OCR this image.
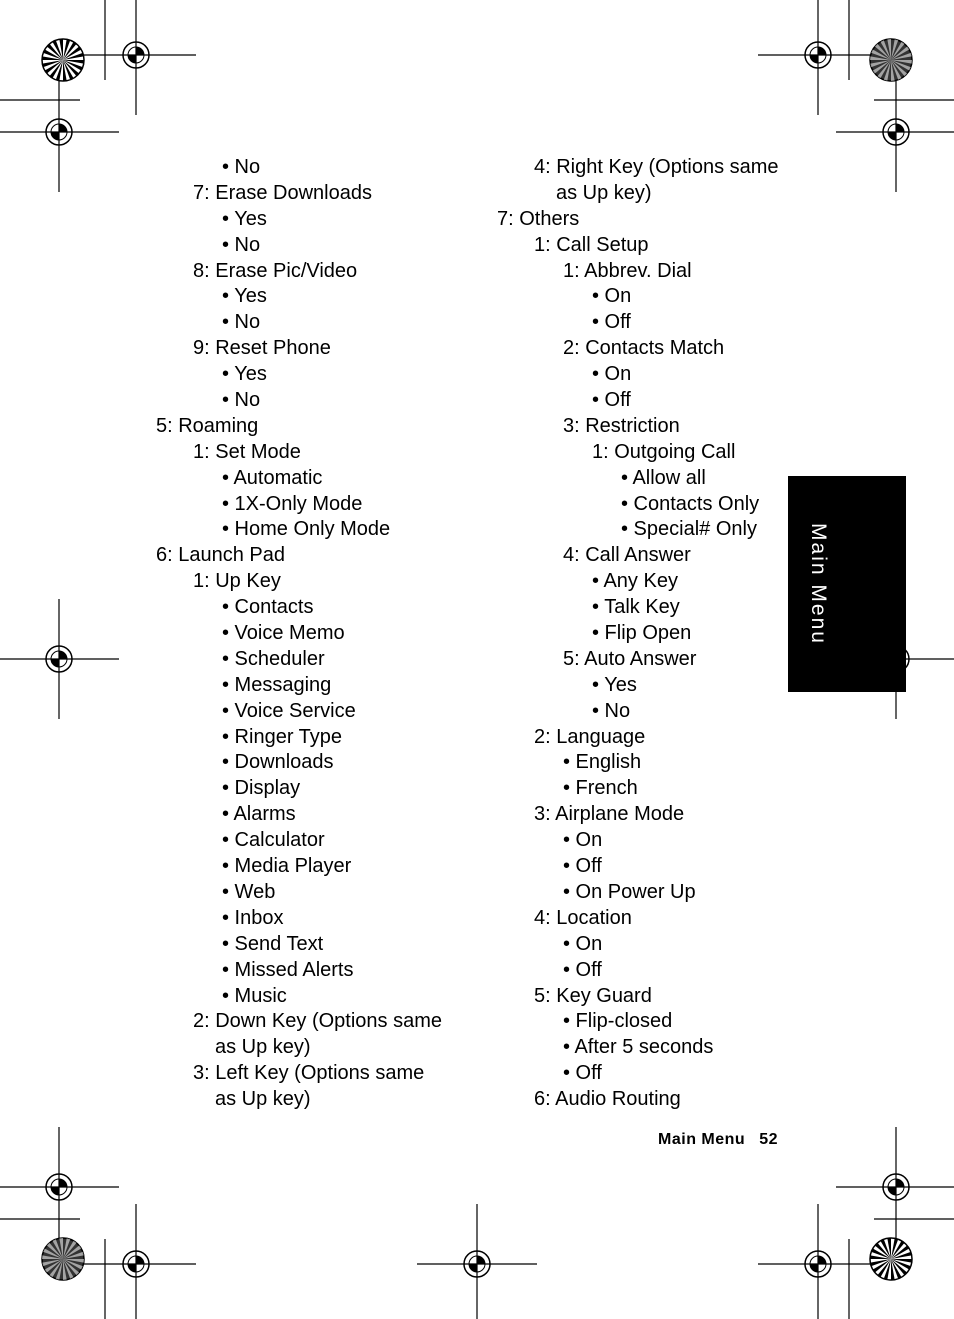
Main Menu
• No
7: Erase Downloads
• Yes
• No
8: Erase Pic/Video
• Yes
• No
9: Reset Phone
• Yes
• No
5: Roaming
1: Set Mode
• Automatic
• 1X-Only Mode
• Home Only Mode
6: Launch Pad
1: Up Key
• Contacts
• Voice Memo
• Scheduler
• Messaging
• Voice Service
• Ringer Type
• Downloads
• Display
• Alarms
• Calculator
• Media Player
• Web
• Inbox
• Send Text
• Missed Alerts
• Music
2: Down Key (Options same
as Up key)
3: Left Key (Options same
as Up key)
4: Right Key (Options same
as Up key)
7: Others
1: Call Setup
1: Abbrev. Dial
• On
• Off
2: Contacts Match
• On
• Off
3: Restriction
1: Outgoing Call
• Allow all
• Contacts Only
• Special# Only
4: Call Answer
• Any Key
• Talk Key
• Flip Open
5: Auto Answer
• Yes
• No
2: Language
• English
• French
3: Airplane Mode
• On
• Off
• On Power Up
4: Location
• On
• Off
5: Key Guard
• Flip-closed
• After 5 seconds
• Off
6: Audio Routing
Main Menu 52
